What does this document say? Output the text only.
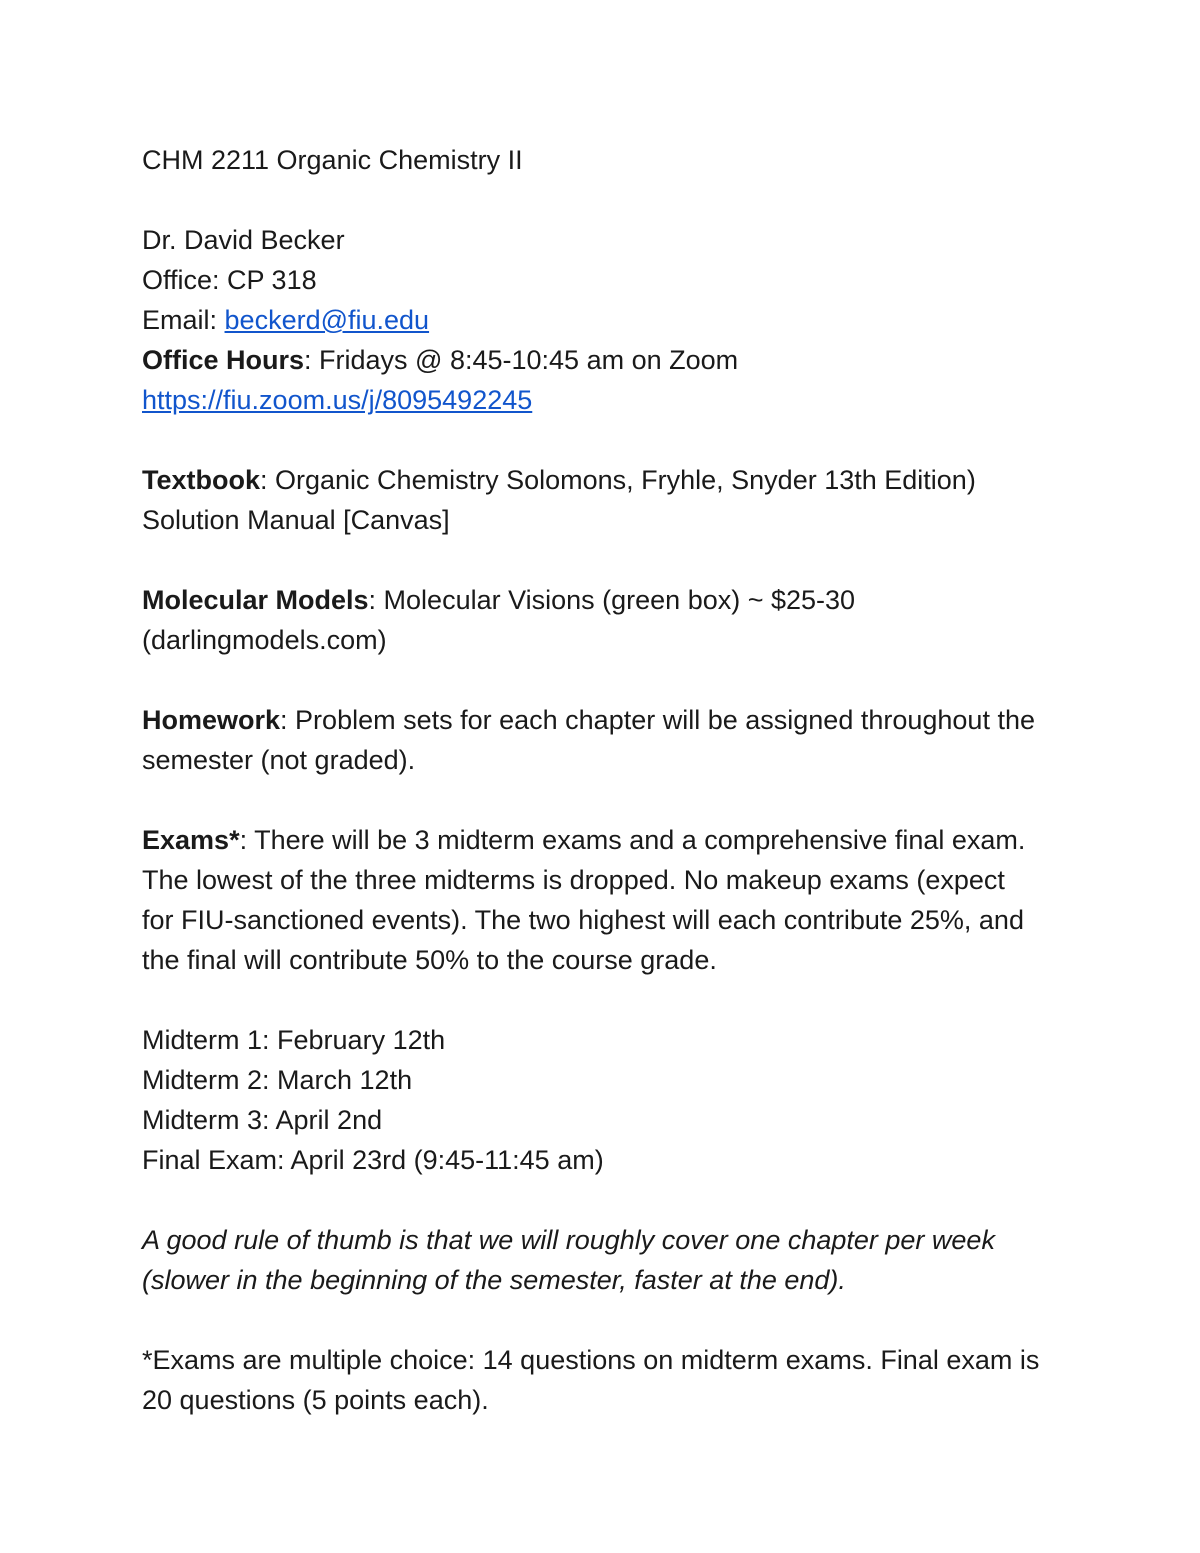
CHM 2211 Organic Chemistry II

Dr. David Becker

Office: CP 318

Email: beckerd@fiu.edu

Office Hours: Fridays @ 8:45-10:45 am on Zoom

https://fiu.zoom.us/j/8095492245

Textbook: Organic Chemistry Solomons, Fryhle, Snyder 13th Edition)

Solution Manual [Canvas]

Molecular Models: Molecular Visions (green box) ~ $25-30

(darlingmodels.com)

Homework: Problem sets for each chapter will be assigned throughout the

semester (not graded).

Exams*: There will be 3 midterm exams and a comprehensive final exam.

The lowest of the three midterms is dropped. No makeup exams (expect

for FIU-sanctioned events). The two highest will each contribute 25%, and

the final will contribute 50% to the course grade.

Midterm 1: February 12th

Midterm 2: March 12th

Midterm 3: April 2nd

Final Exam: April 23rd (9:45-11:45 am)

A good rule of thumb is that we will roughly cover one chapter per week

(slower in the beginning of the semester, faster at the end).

*Exams are multiple choice: 14 questions on midterm exams. Final exam is

20 questions (5 points each).
